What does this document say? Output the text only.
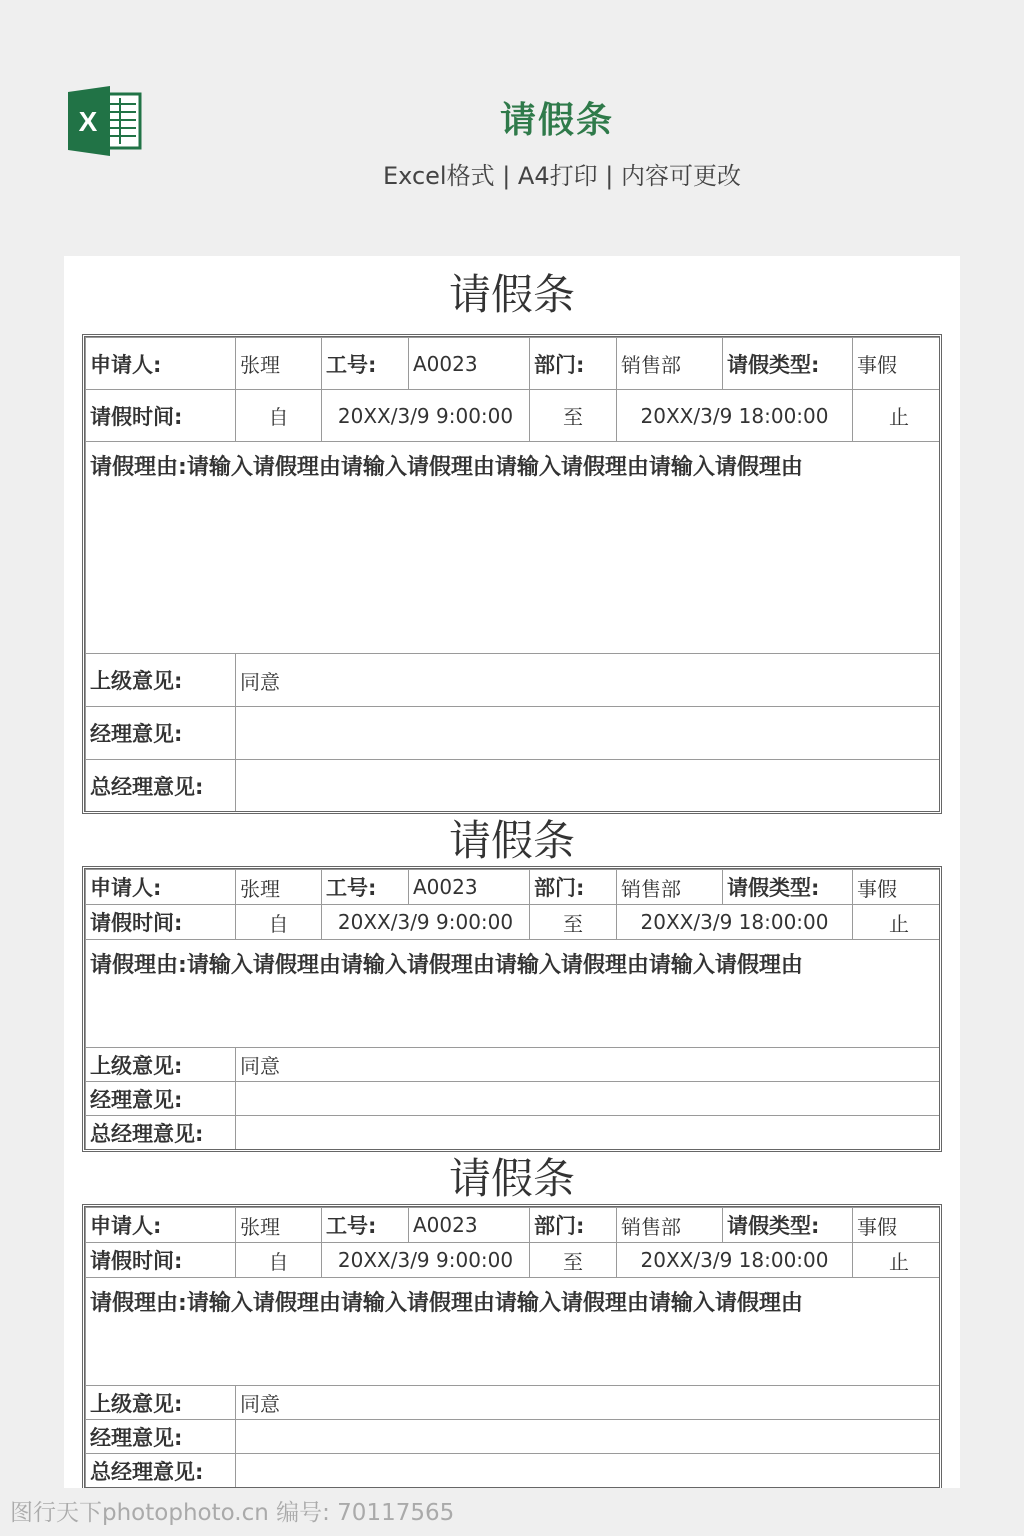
X	请假条
Excel格式 | A4打印 | 内容可更改
请假条
申请人:	张理	工号:	A0023	部门:	销售部	请假类型:	事假
请假时间:	自	20XX/3/9 9:00:00		至	20XX/3/9 18:00:00		止
请假理由:请输入请假理由请输入请假理由请输入请假理由请输入请假理由							
上级意见:	同意						
经理意见:							
总经理意见:							
请假条
申请人:	张理	工号:	A0023	部门:	销售部	请假类型:	事假
请假时间:	自	20XX/3/9 9:00:00		至	20XX/3/9 18:00:00		止
请假理由:请输入请假理由请输入请假理由请输入请假理由请输入请假理由							
上级意见:	同意						
经理意见:							
总经理意见:							
请假条
申请人:	张理	工号:	A0023	部门:	销售部	请假类型:	事假
请假时间:	自	20XX/3/9 9:00:00		至	20XX/3/9 18:00:00		止
请假理由:请输入请假理由请输入请假理由请输入请假理由请输入请假理由							
上级意见:	同意						
经理意见:							
总经理意见:							
图行天下photophoto.cn 编号: 70117565
